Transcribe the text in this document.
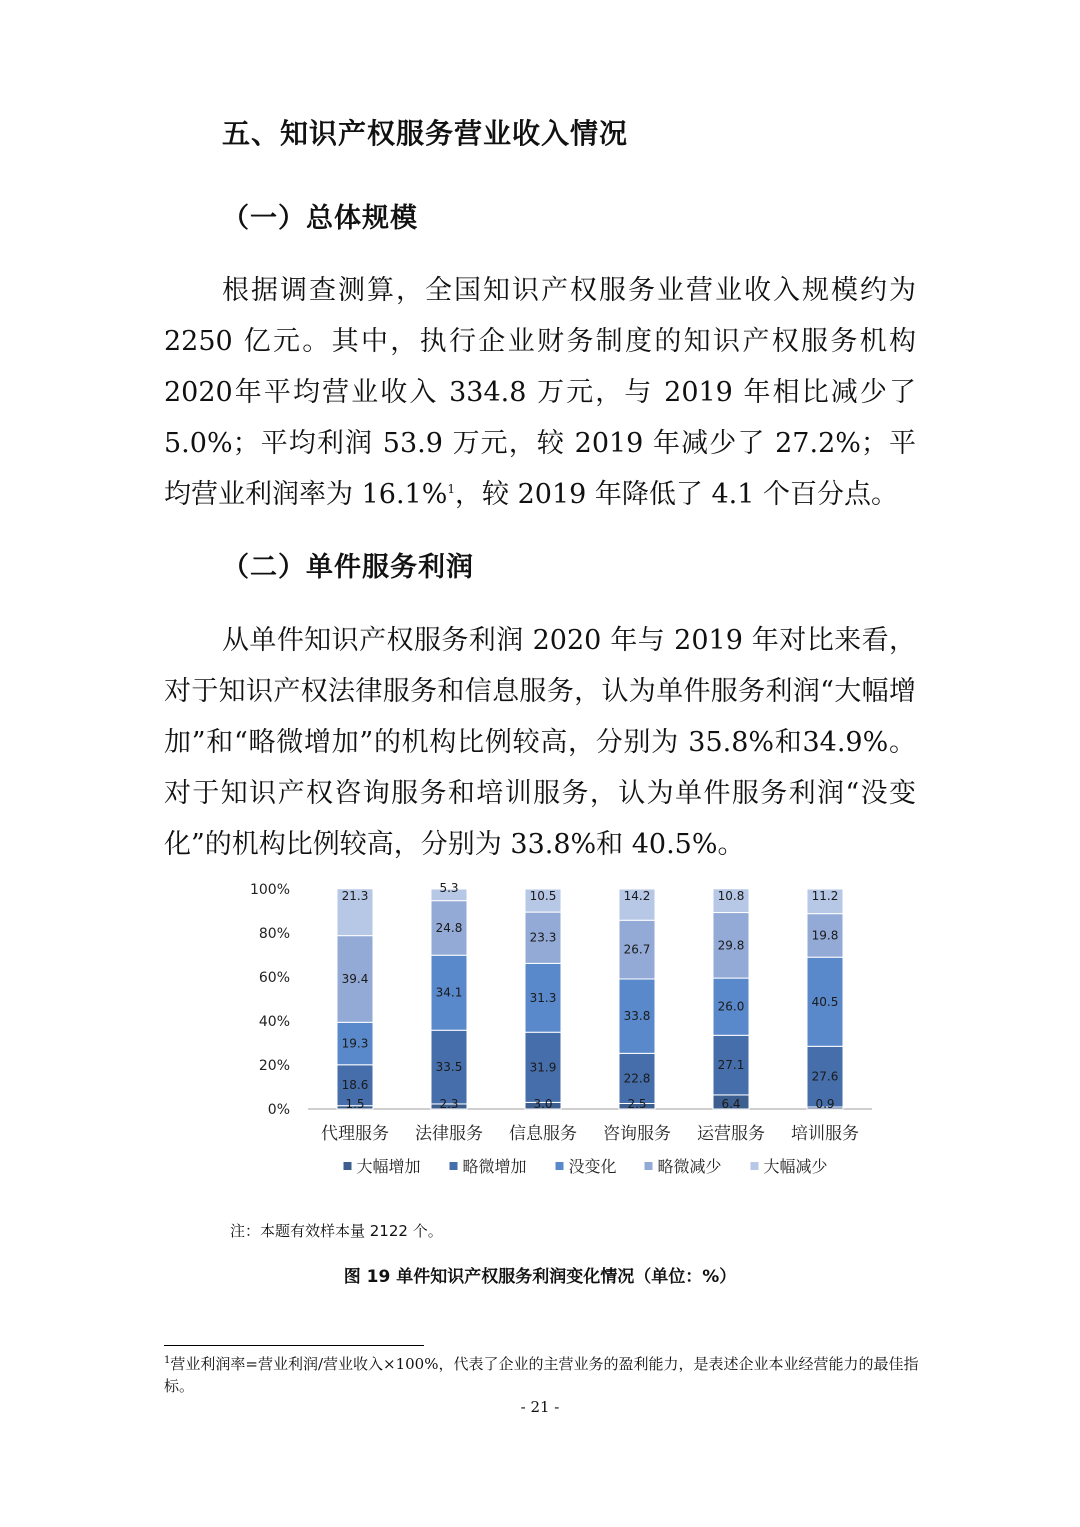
五、知识产权服务营业收入情况
（一）总体规模

根据调查测算，全国知识产权服务业营业收入规模约为2250 亿元。其中，执行企业财务制度的知识产权服务机构2020年平均营业收入 334.8 万元，与 2019 年相比减少了 5.0%；平均利润 53.9 万元，较 2019 年减少了 27.2%；平均营业利润率为 16.1%$^1$，较 2019 年降低了 4.1 个百分点。

（二）单件服务利润

从单件知识产权服务利润 2020 年与 2019 年对比来看，对于知识产权法律服务和信息服务，认为单件服务利润“大幅增加”和“略微增加”的机构比例较高，分别为 35.8%和34.9%。对于知识产权咨询服务和培训服务，认为单件服务利润“没变化”的机构比例较高，分别为 33.8%和 40.5%。

0%
20%
40%
60%
80%
100%
代理服务 法律服务 信息服务 咨询服务 运营服务 培训服务
1.5
18.6
19.3
39.4
21.3
2.3
33.5
34.1
24.8
5.3
3.0
31.9
31.3
23.3
10.5
2.5
22.8
33.8
26.7
14.2
6.4
27.1
26.0
29.8
10.8
0.9
27.6
40.5
19.8
11.2
大幅增加	略微增加	没变化	略微减少	大幅减少
注：本题有效样本量 2122 个。
图 19 单件知识产权服务利润变化情况（单位：%）
$^1$营业利润率=营业利润/营业收入×100%，代表了企业的主营业务的盈利能力，是表述企业本业经营能力的最佳指标。
- 21 -
